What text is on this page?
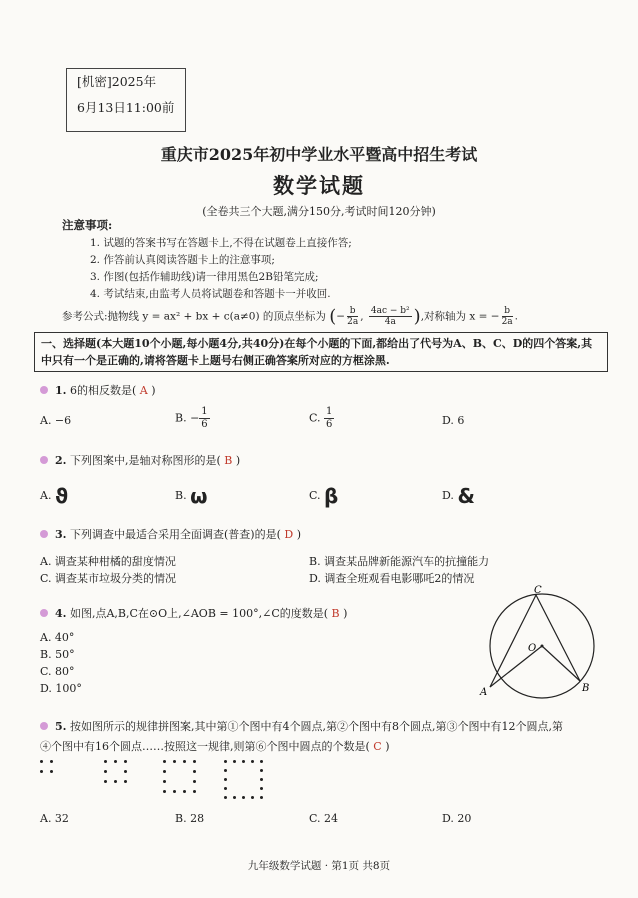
[机密]2025年
6月13日11:00前
重庆市2025年初中学业水平暨高中招生考试
数学试题
(全卷共三个大题,满分150分,考试时间120分钟)
注意事项:
1. 试题的答案书写在答题卡上,不得在试题卷上直接作答;
2. 作答前认真阅读答题卡上的注意事项;
3. 作图(包括作辅助线)请一律用黑色2B铅笔完成;
4. 考试结束,由监考人员将试题卷和答题卡一并收回.
参考公式:抛物线 y = ax² + bx + c(a≠0) 的顶点坐标为 (− $\frac{b}{2a}$ , $\frac{\text{4ac − b²}}{4a}$ ),对称轴为 x = − $\frac{b}{2a}$ .
一、选择题(本大题10个小题,每小题4分,共40分)在每个小题的下面,都给出了代号为A、B、C、D的四个答案,其中只有一个是正确的,请将答题卡上题号右侧正确答案所对应的方框涂黑.
1. 6的相反数是( A )
A. −6	B. − $\frac{1}{6}$	C. $\frac{1}{6}$	D. 6
2. 下列图案中,是轴对称图形的是( B )
A. ϑ	B. ω	C. β	D. &
3. 下列调查中最适合采用全面调查(普查)的是( D )
A. 调查某种柑橘的甜度情况	B. 调查某品牌新能源汽车的抗撞能力
C. 调查某市垃圾分类的情况	D. 调查全班观看电影哪吒2的情况
4. 如图,点A,B,C在⊙O上,∠AOB = 100°,∠C的度数是( B )
A. 40°
B. 50°
C. 80°
D. 100°
C
O
A	B
5. 按如图所示的规律拼图案,其中第①个图中有4个圆点,第②个图中有8个圆点,第③个图中有12个圆点,第
④个图中有16个圆点……按照这一规律,则第⑥个图中圆点的个数是( C )
A. 32	B. 28	C. 24	D. 20
九年级数学试题 · 第1页 共8页
